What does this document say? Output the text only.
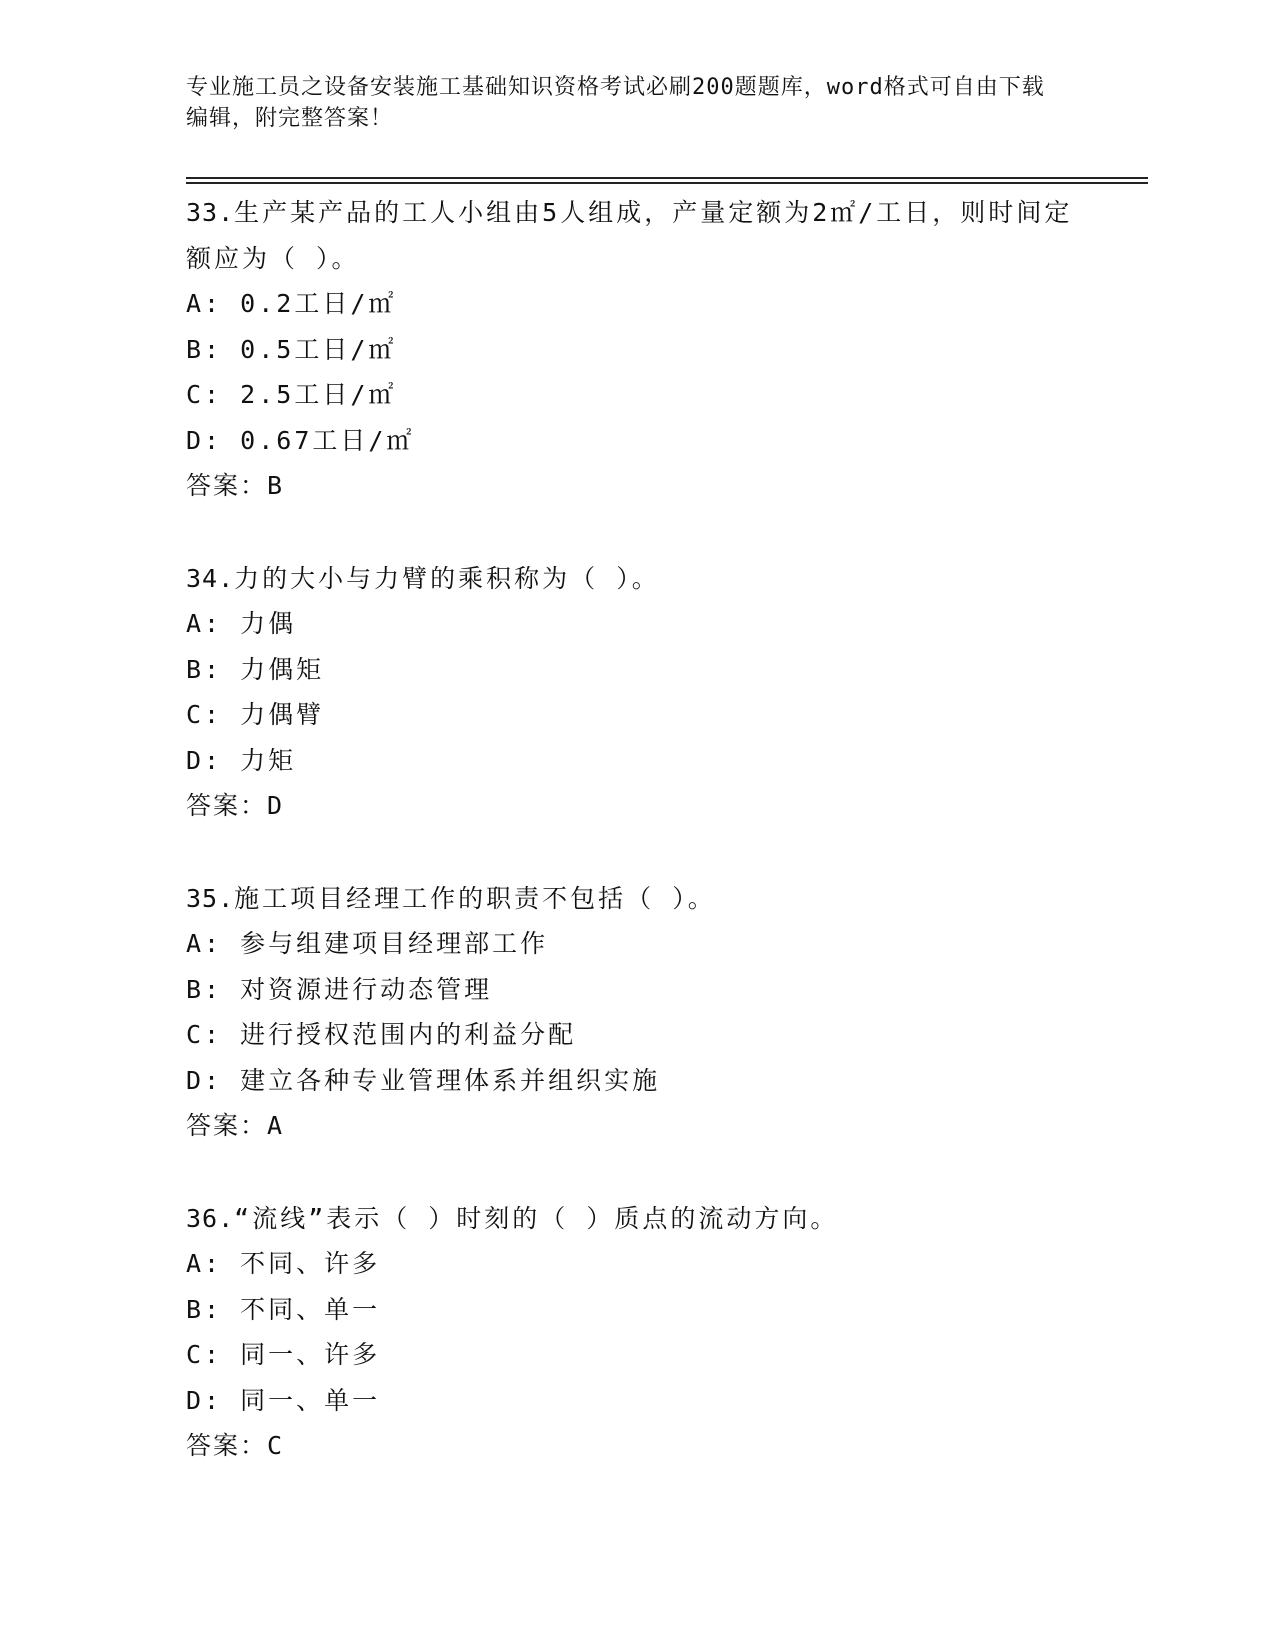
专业施工员之设备安装施工基础知识资格考试必刷200题题库，word格式可自由下载编辑，附完整答案！
33.生产某产品的工人小组由5人组成，产量定额为2㎡/工日，则时间定额应为（ ）。
A: 0.2工日/㎡
B: 0.5工日/㎡
C: 2.5工日/㎡
D: 0.67工日/㎡
答案：B
34.力的大小与力臂的乘积称为（ ）。
A: 力偶
B: 力偶矩
C: 力偶臂
D: 力矩
答案：D
35.施工项目经理工作的职责不包括（ ）。
A: 参与组建项目经理部工作
B: 对资源进行动态管理
C: 进行授权范围内的利益分配
D: 建立各种专业管理体系并组织实施
答案：A
36.“流线”表示（ ）时刻的（ ）质点的流动方向。
A: 不同、许多
B: 不同、单一
C: 同一、许多
D: 同一、单一
答案：C
